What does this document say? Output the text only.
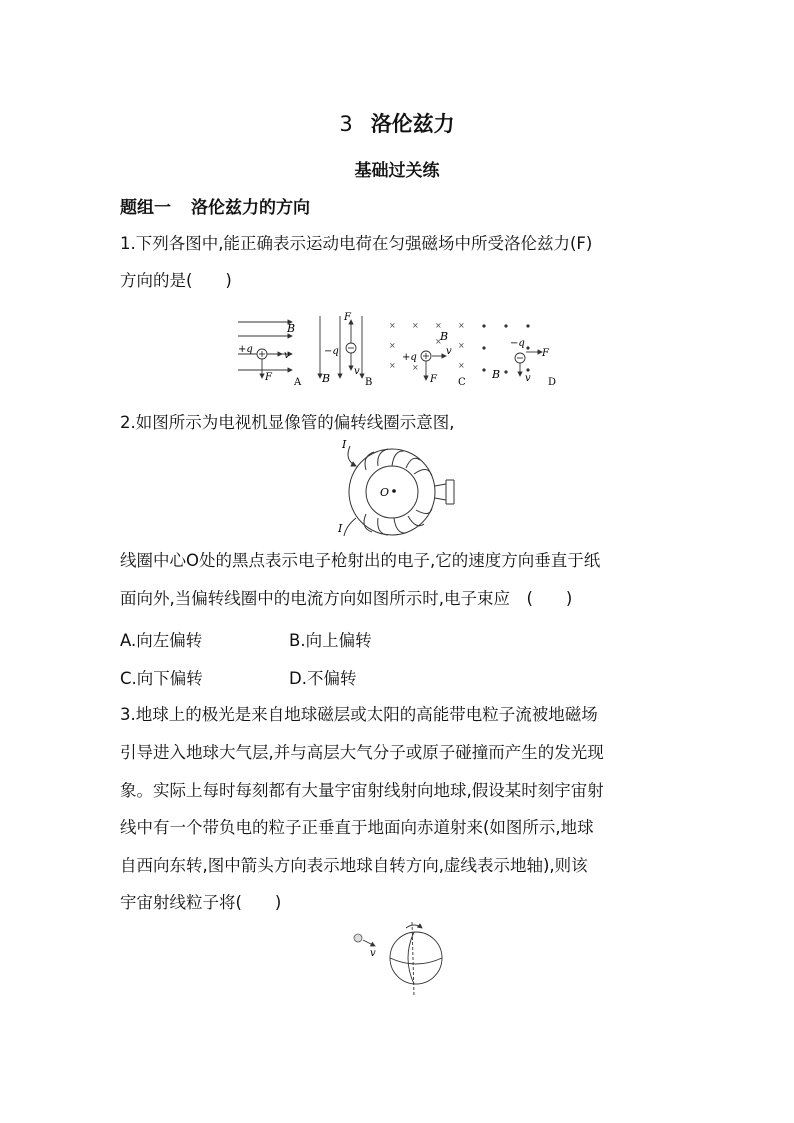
3 洛伦兹力
基础过关练
题组一 洛伦兹力的方向
1.下列各图中,能正确表示运动电荷在匀强磁场中所受洛伦兹力(F)
方向的是(　　)
B
+q
v
F A
F
−q
B
v
B
× × × ×
×	× ×
× ×	×
B
+q
v
F C
−q
F
B v D
2.如图所示为电视机显像管的偏转线圈示意图,
I
I
O
线圈中心O处的黑点表示电子枪射出的电子,它的速度方向垂直于纸
面向外,当偏转线圈中的电流方向如图所示时,电子束应　(　　)
A.向左偏转	B.向上偏转
C.向下偏转	D.不偏转
3.地球上的极光是来自地球磁层或太阳的高能带电粒子流被地磁场
引导进入地球大气层,并与高层大气分子或原子碰撞而产生的发光现
象。实际上每时每刻都有大量宇宙射线射向地球,假设某时刻宇宙射
线中有一个带负电的粒子正垂直于地面向赤道射来(如图所示,地球
自西向东转,图中箭头方向表示地球自转方向,虚线表示地轴),则该
宇宙射线粒子将(　　)
v
